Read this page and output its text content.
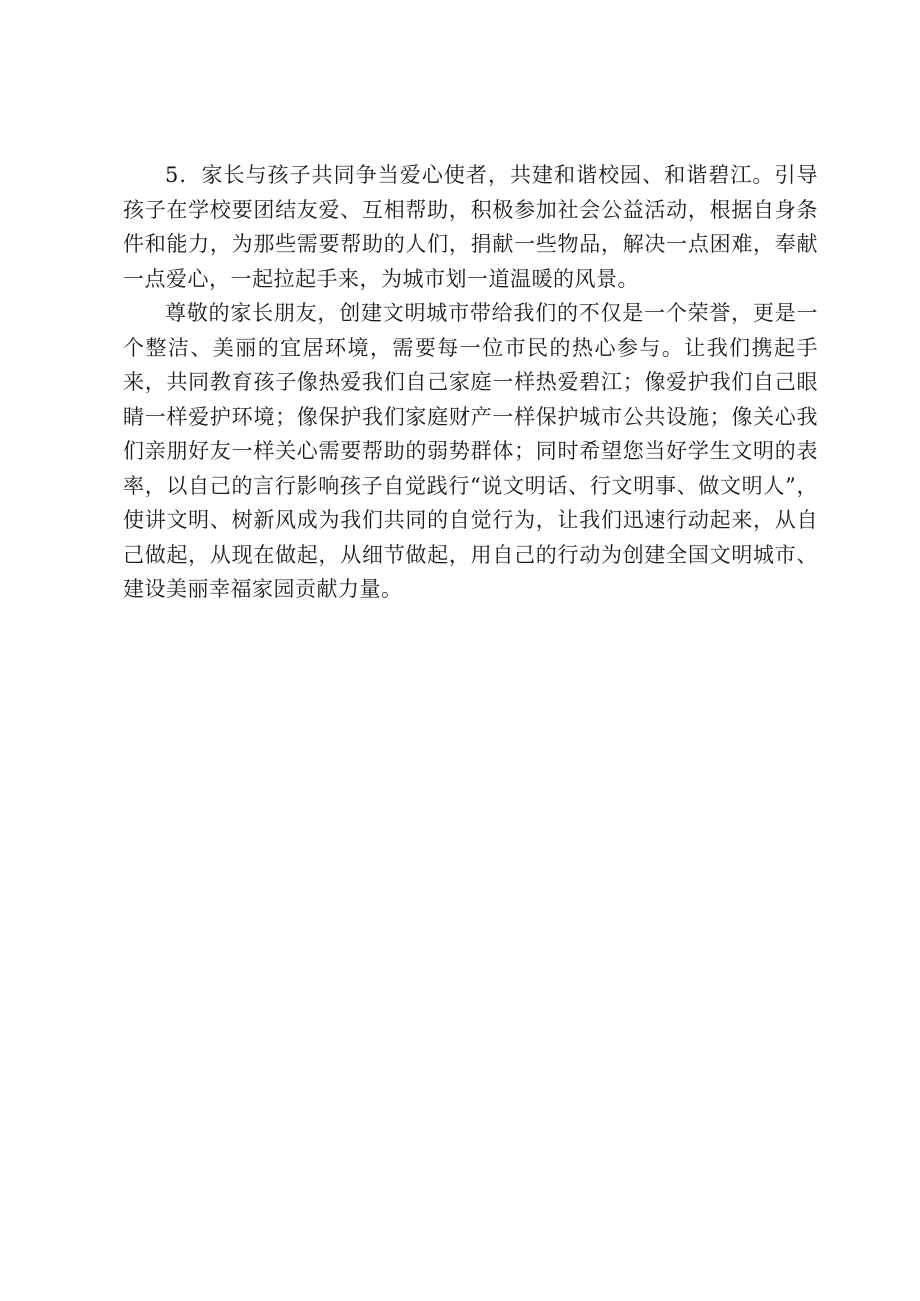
5．家长与孩子共同争当爱心使者，共建和谐校园、和谐碧江。引导孩子在学校要团结友爱、互相帮助，积极参加社会公益活动，根据自身条件和能力，为那些需要帮助的人们，捐献一些物品，解决一点困难，奉献一点爱心，一起拉起手来，为城市划一道温暖的风景。

尊敬的家长朋友，创建文明城市带给我们的不仅是一个荣誉，更是一个整洁、美丽的宜居环境，需要每一位市民的热心参与。让我们携起手来，共同教育孩子像热爱我们自己家庭一样热爱碧江；像爱护我们自己眼睛一样爱护环境；像保护我们家庭财产一样保护城市公共设施；像关心我们亲朋好友一样关心需要帮助的弱势群体；同时希望您当好学生文明的表率，以自己的言行影响孩子自觉践行“说文明话、行文明事、做文明人”，使讲文明、树新风成为我们共同的自觉行为，让我们迅速行动起来，从自己做起，从现在做起，从细节做起，用自己的行动为创建全国文明城市、建设美丽幸福家园贡献力量。
